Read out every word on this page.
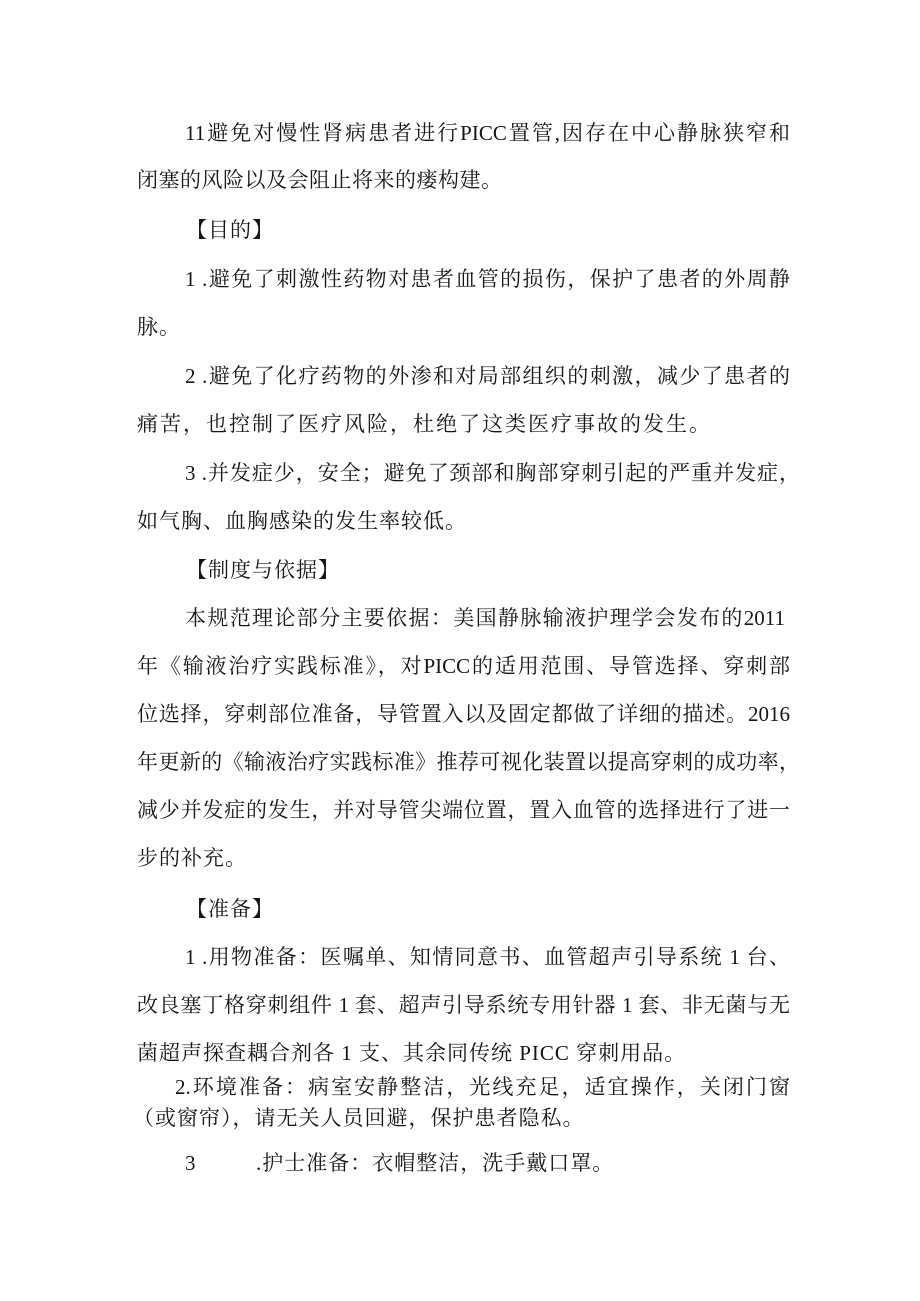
11避免对慢性肾病患者进行PICC置管,因存在中心静脉狭窄和
闭塞的风险以及会阻止将来的瘘构建。
【目的】
1 .避免了刺激性药物对患者血管的损伤，保护了患者的外周静
脉。
2 .避免了化疗药物的外渗和对局部组织的刺激，减少了患者的
痛苦，也控制了医疗风险，杜绝了这类医疗事故的发生。
3 .并发症少，安全；避免了颈部和胸部穿刺引起的严重并发症，
如气胸、血胸感染的发生率较低。
【制度与依据】
本规范理论部分主要依据：美国静脉输液护理学会发布的2011
年《输液治疗实践标准》，对PICC的适用范围、导管选择、穿刺部
位选择，穿刺部位准备，导管置入以及固定都做了详细的描述。2016
年更新的《输液治疗实践标准》推荐可视化装置以提高穿刺的成功率，
减少并发症的发生，并对导管尖端位置，置入血管的选择进行了进一
步的补充。
【准备】
1 .用物准备：医嘱单、知情同意书、血管超声引导系统 1 台、
改良塞丁格穿刺组件 1 套、超声引导系统专用针器 1 套、非无菌与无
菌超声探查耦合剂各 1 支、其余同传统 PICC 穿刺用品。
2.环境准备：病室安静整洁，光线充足，适宜操作，关闭门窗
（或窗帘），请无关人员回避，保护患者隐私。
3	.护士准备：衣帽整洁，洗手戴口罩。
